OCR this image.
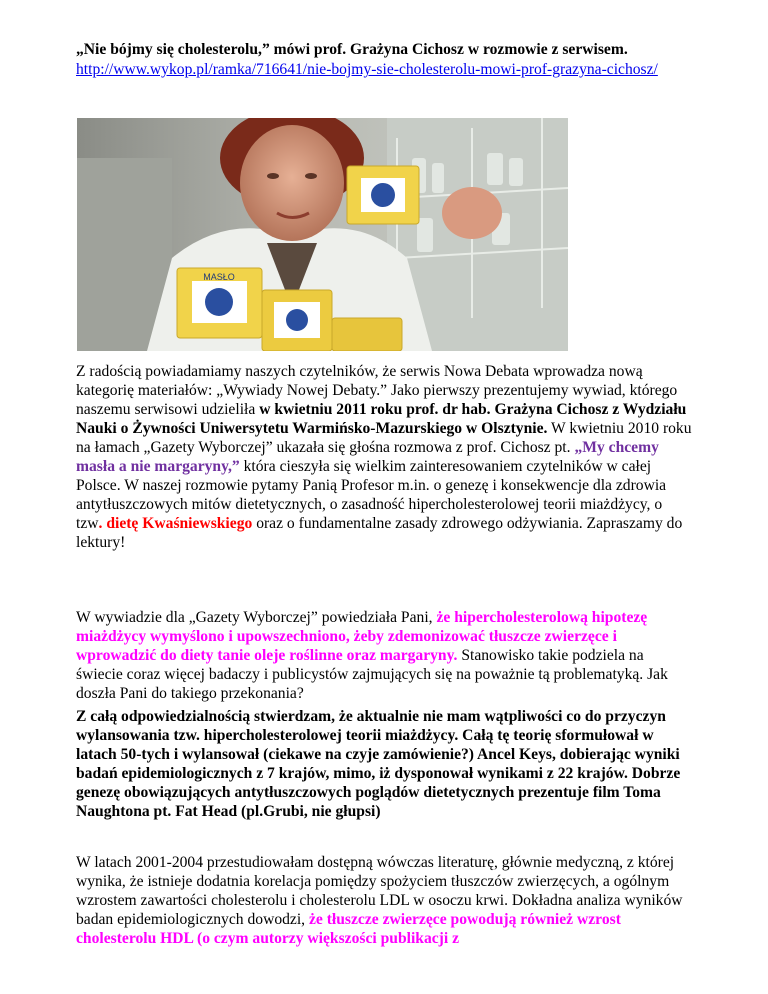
„Nie bójmy się cholesterolu,” mówi prof. Grażyna Cichosz w rozmowie z serwisem.

http://www.wykop.pl/ramka/716641/nie-bojmy-sie-cholesterolu-mowi-prof-grazyna-cichosz/

MASŁO

Z radością powiadamiamy naszych czytelników, że serwis Nowa Debata wprowadza nową kategorię materiałów: „Wywiady Nowej Debaty.” Jako pierwszy prezentujemy wywiad, którego naszemu serwisowi udzieliła w kwietniu 2011 roku prof. dr hab. Grażyna Cichosz z Wydziału Nauki o Żywności Uniwersytetu Warmińsko-Mazurskiego w Olsztynie. W kwietniu 2010 roku na łamach „Gazety Wyborczej” ukazała się głośna rozmowa z prof. Cichosz pt. „My chcemy masła a nie margaryny,” która cieszyła się wielkim zainteresowaniem czytelników w całej Polsce. W naszej rozmowie pytamy Panią Profesor m.in. o genezę i konsekwencje dla zdrowia antytłuszczowych mitów dietetycznych, o zasadność hipercholesterolowej teorii miażdżycy, o tzw. dietę Kwaśniewskiego oraz o fundamentalne zasady zdrowego odżywiania. Zapraszamy do lektury!

W wywiadzie dla „Gazety Wyborczej” powiedziała Pani, że hipercholesterolową hipotezę miażdżycy wymyślono i upowszechniono, żeby zdemonizować tłuszcze zwierzęce i wprowadzić do diety tanie oleje roślinne oraz margaryny. Stanowisko takie podziela na świecie coraz więcej badaczy i publicystów zajmujących się na poważnie tą problematyką. Jak doszła Pani do takiego przekonania?

Z całą odpowiedzialnością stwierdzam, że aktualnie nie mam wątpliwości co do przyczyn wylansowania tzw. hipercholesterolowej teorii miażdżycy. Całą tę teorię sformułował w latach 50-tych i wylansował (ciekawe na czyje zamówienie?) Ancel Keys, dobierając wyniki badań epidemiologicznych z 7 krajów, mimo, iż dysponował wynikami z 22 krajów. Dobrze genezę obowiązujących antytłuszczowych poglądów dietetycznych prezentuje film Toma Naughtona pt. Fat Head (pl.Grubi, nie głupsi)

W latach 2001-2004 przestudiowałam dostępną wówczas literaturę, głównie medyczną, z której wynika, że istnieje dodatnia korelacja pomiędzy spożyciem tłuszczów zwierzęcych, a ogólnym wzrostem zawartości cholesterolu i cholesterolu LDL w osoczu krwi. Dokładna analiza wyników badan epidemiologicznych dowodzi, że tłuszcze zwierzęce powodują również wzrost cholesterolu HDL (o czym autorzy większości publikacji z
